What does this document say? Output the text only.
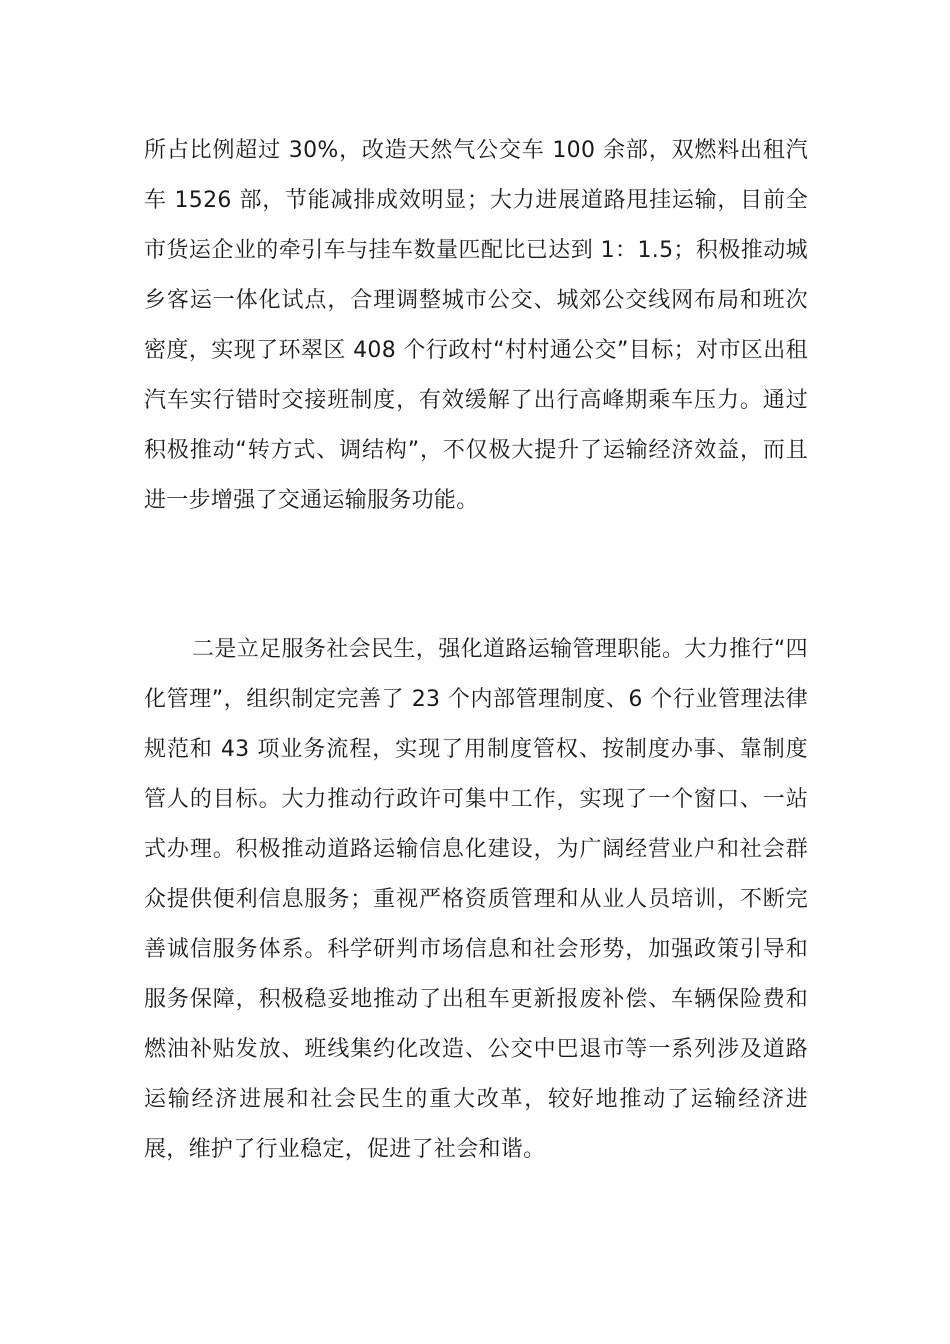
所占比例超过 30%，改造天然气公交车 100 余部，双燃料出租汽车 1526 部，节能减排成效明显；大力进展道路甩挂运输，目前全市货运企业的牵引车与挂车数量匹配比已达到 1：1.5；积极推动城乡客运一体化试点，合理调整城市公交、城郊公交线网布局和班次密度，实现了环翠区 408 个行政村“村村通公交”目标；对市区出租汽车实行错时交接班制度，有效缓解了出行高峰期乘车压力。通过积极推动“转方式、调结构”，不仅极大提升了运输经济效益，而且进一步增强了交通运输服务功能。

二是立足服务社会民生，强化道路运输管理职能。大力推行“四化管理”，组织制定完善了 23 个内部管理制度、6 个行业管理法律规范和 43 项业务流程，实现了用制度管权、按制度办事、靠制度管人的目标。大力推动行政许可集中工作，实现了一个窗口、一站式办理。积极推动道路运输信息化建设，为广阔经营业户和社会群众提供便利信息服务；重视严格资质管理和从业人员培训，不断完善诚信服务体系。科学研判市场信息和社会形势，加强政策引导和服务保障，积极稳妥地推动了出租车更新报废补偿、车辆保险费和燃油补贴发放、班线集约化改造、公交中巴退市等一系列涉及道路运输经济进展和社会民生的重大改革，较好地推动了运输经济进展，维护了行业稳定，促进了社会和谐。
